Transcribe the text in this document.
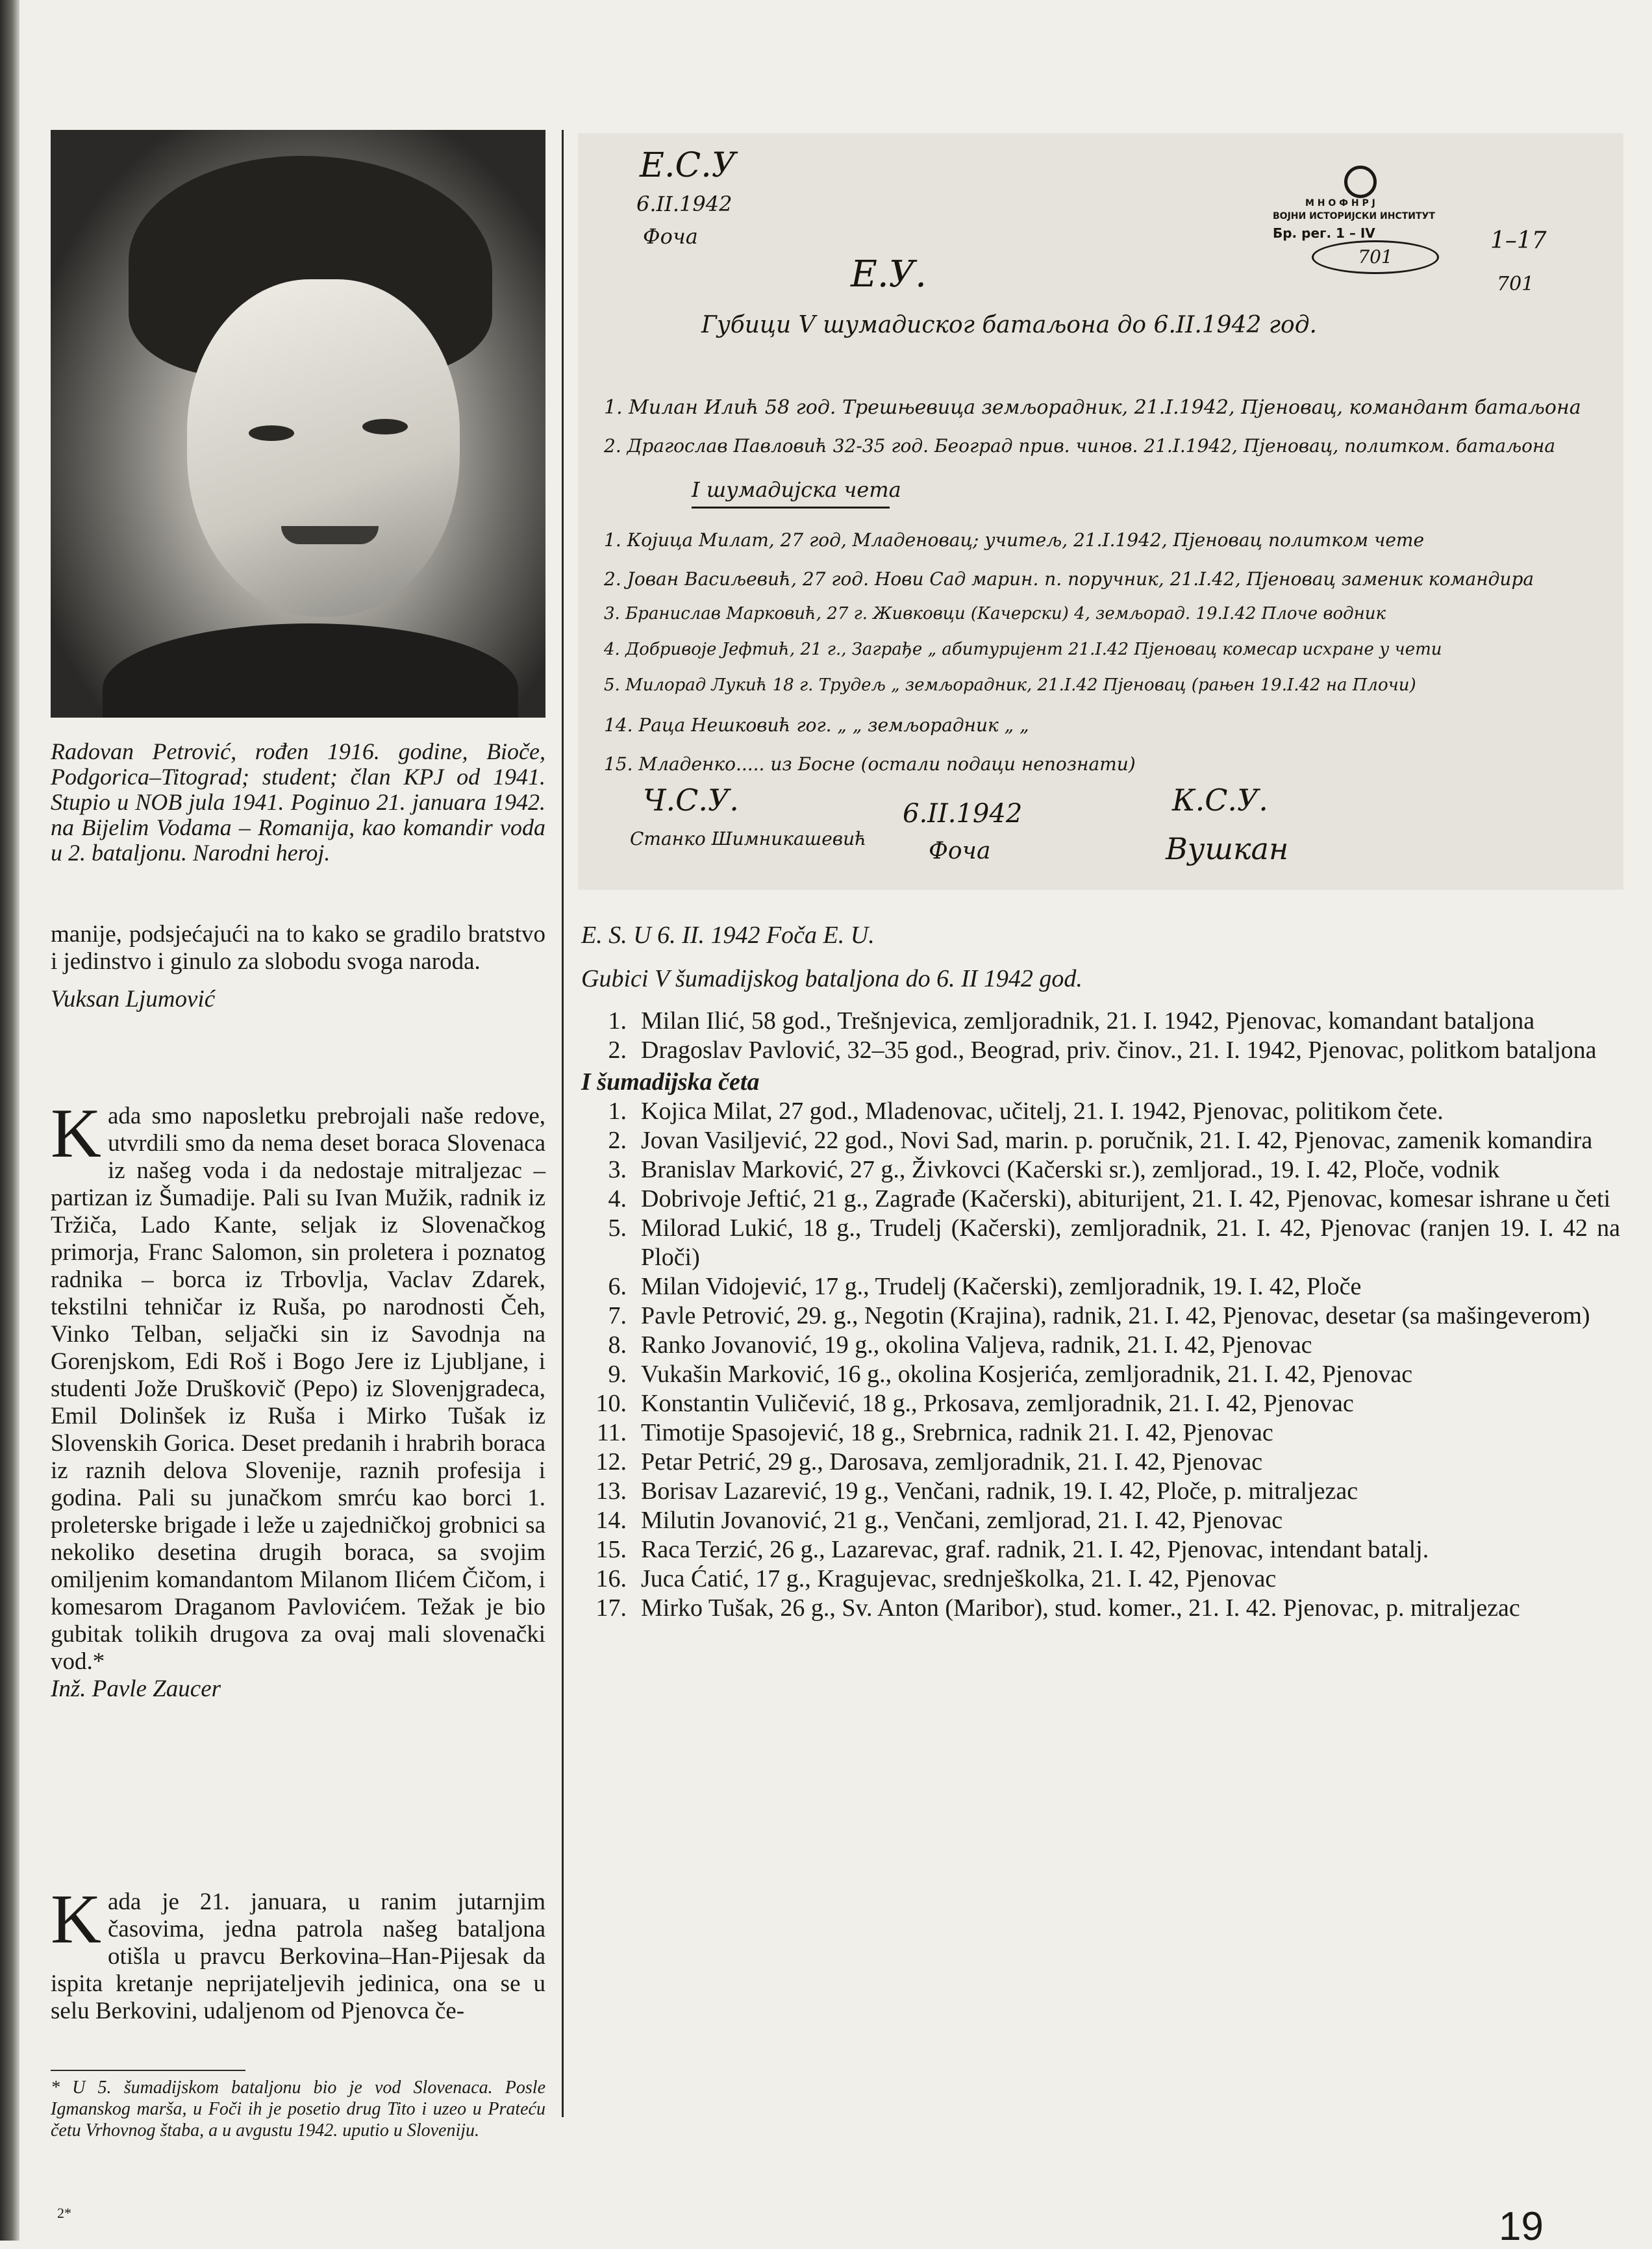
Radovan Petrović, rođen 1916. godine, Bioče, Podgorica–Titograd; student; član KPJ od 1941. Stupio u NOB jula 1941. Poginuo 21. januara 1942. na Bijelim Vodama – Romanija, kao komandir voda u 2. bataljonu. Narodni heroj.

manije, podsjećajući na to kako se gradilo bratstvo i jedinstvo i ginulo za slobodu svoga naroda.

Vuksan Ljumović

Kada smo naposletku prebrojali naše redove, utvrdili smo da nema deset boraca Slovenaca iz našeg voda i da nedostaje mitraljezac – partizan iz Šumadije. Pali su Ivan Mužik, radnik iz Tržiča, Lado Kante, seljak iz Slovenačkog primorja, Franc Salomon, sin proletera i poznatog radnika – borca iz Trbovlja, Vaclav Zdarek, tekstilni tehničar iz Ruša, po narodnosti Čeh, Vinko Telban, seljački sin iz Savodnja na Gorenjskom, Edi Roš i Bogo Jere iz Ljubljane, i studenti Jože Druškovič (Pepo) iz Slovenjgradeca, Emil Dolinšek iz Ruša i Mirko Tušak iz Slovenskih Gorica. Deset predanih i hrabrih boraca iz raznih delova Slovenije, raznih profesija i godina. Pali su junačkom smrću kao borci 1. proleterske brigade i leže u zajedničkoj grobnici sa nekoliko desetina drugih boraca, sa svojim omiljenim komandantom Milanom Ilićem Čičom, i komesarom Draganom Pavlovićem. Težak je bio gubitak tolikih drugova za ovaj mali slovenački vod.*

Inž. Pavle Zaucer

Kada je 21. januara, u ranim jutarnjim časovima, jedna patrola našeg bataljona otišla u pravcu Berkovina–Han-Pijesak da ispita kretanje neprijateljevih jedinica, ona se u selu Berkovini, udaljenom od Pjenovca če-

* U 5. šumadijskom bataljonu bio je vod Slovenaca. Posle Igmanskog marša, u Foči ih je posetio drug Tito i uzeo u Prateću četu Vrhovnog štaba, a u avgustu 1942. uputio u Sloveniju.
2*
Е.С.У
6.II.1942
Фоча
Е.У.
М Н О Ф Н Р Ј
ВОЈНИ ИСТОРИЈСКИ ИНСТИТУТ
Бр. рег. 1 – IV
701
1–17
701
Губици V шумадиског батаљона до 6.II.1942 год.
1. Милан Илић 58 год. Трешњевица земљорадник, 21.I.1942, Пјеновац, командант батаљона
2. Драгослав Павловић 32-35 год. Београд прив. чинов. 21.I.1942, Пјеновац, политком. батаљона
I шумадијска чета
1. Којица Милат, 27 год, Младеновац; учитељ, 21.I.1942, Пјеновац политком чете
2. Јован Васиљевић, 27 год. Нови Сад марин. п. поручник, 21.I.42, Пјеновац заменик командира
3. Бранислав Марковић, 27 г. Живковци (Качерски) 4, земљорад. 19.I.42 Плоче водник
4. Добривоје Јефтић, 21 г., Заграђе „ абитуријент 21.I.42 Пјеновац комесар исхране у чети
5. Милорад Лукић 18 г. Трудељ „ земљорадник, 21.I.42 Пјеновац (рањен 19.I.42 на Плочи)
14. Раца Нешковић гог. „ „ земљорадник „ „
15. Младенко..... из Босне (остали подаци непознати)
Ч.С.У.
Станко Шимникашевић
6.II.1942
Фоча
К.С.У.
Вушкан
E. S. U 6. II. 1942 Foča E. U.
Gubici V šumadijskog bataljona do 6. II 1942 god.
1. Milan Ilić, 58 god., Trešnjevica, zemljoradnik, 21. I. 1942, Pjenovac, komandant bataljona
2. Dragoslav Pavlović, 32–35 god., Beograd, priv. činov., 21. I. 1942, Pjenovac, politkom bataljona
I šumadijska četa
1. Kojica Milat, 27 god., Mladenovac, učitelj, 21. I. 1942, Pjenovac, politikom čete.
2. Jovan Vasiljević, 22 god., Novi Sad, marin. p. poručnik, 21. I. 42, Pjenovac, zamenik komandira
3. Branislav Marković, 27 g., Živkovci (Kačerski sr.), zemljorad., 19. I. 42, Ploče, vodnik
4. Dobrivoje Jeftić, 21 g., Zagrađe (Kačerski), abiturijent, 21. I. 42, Pjenovac, komesar ishrane u četi
5. Milorad Lukić, 18 g., Trudelj (Kačerski), zemljoradnik, 21. I. 42, Pjenovac (ranjen 19. I. 42 na Ploči)
6. Milan Vidojević, 17 g., Trudelj (Kačerski), zemljoradnik, 19. I. 42, Ploče
7. Pavle Petrović, 29. g., Negotin (Krajina), radnik, 21. I. 42, Pjenovac, desetar (sa mašingeverom)
8. Ranko Jovanović, 19 g., okolina Valjeva, radnik, 21. I. 42, Pjenovac
9. Vukašin Marković, 16 g., okolina Kosjerića, zemljoradnik, 21. I. 42, Pjenovac
10. Konstantin Vuličević, 18 g., Prkosava, zemljoradnik, 21. I. 42, Pjenovac
11. Timotije Spasojević, 18 g., Srebrnica, radnik 21. I. 42, Pjenovac
12. Petar Petrić, 29 g., Darosava, zemljoradnik, 21. I. 42, Pjenovac
13. Borisav Lazarević, 19 g., Venčani, radnik, 19. I. 42, Ploče, p. mitraljezac
14. Milutin Jovanović, 21 g., Venčani, zemljorad, 21. I. 42, Pjenovac
15. Raca Terzić, 26 g., Lazarevac, graf. radnik, 21. I. 42, Pjenovac, intendant batalj.
16. Juca Ćatić, 17 g., Kragujevac, srednješkolka, 21. I. 42, Pjenovac
17. Mirko Tušak, 26 g., Sv. Anton (Maribor), stud. komer., 21. I. 42. Pjenovac, p. mitraljezac
19
